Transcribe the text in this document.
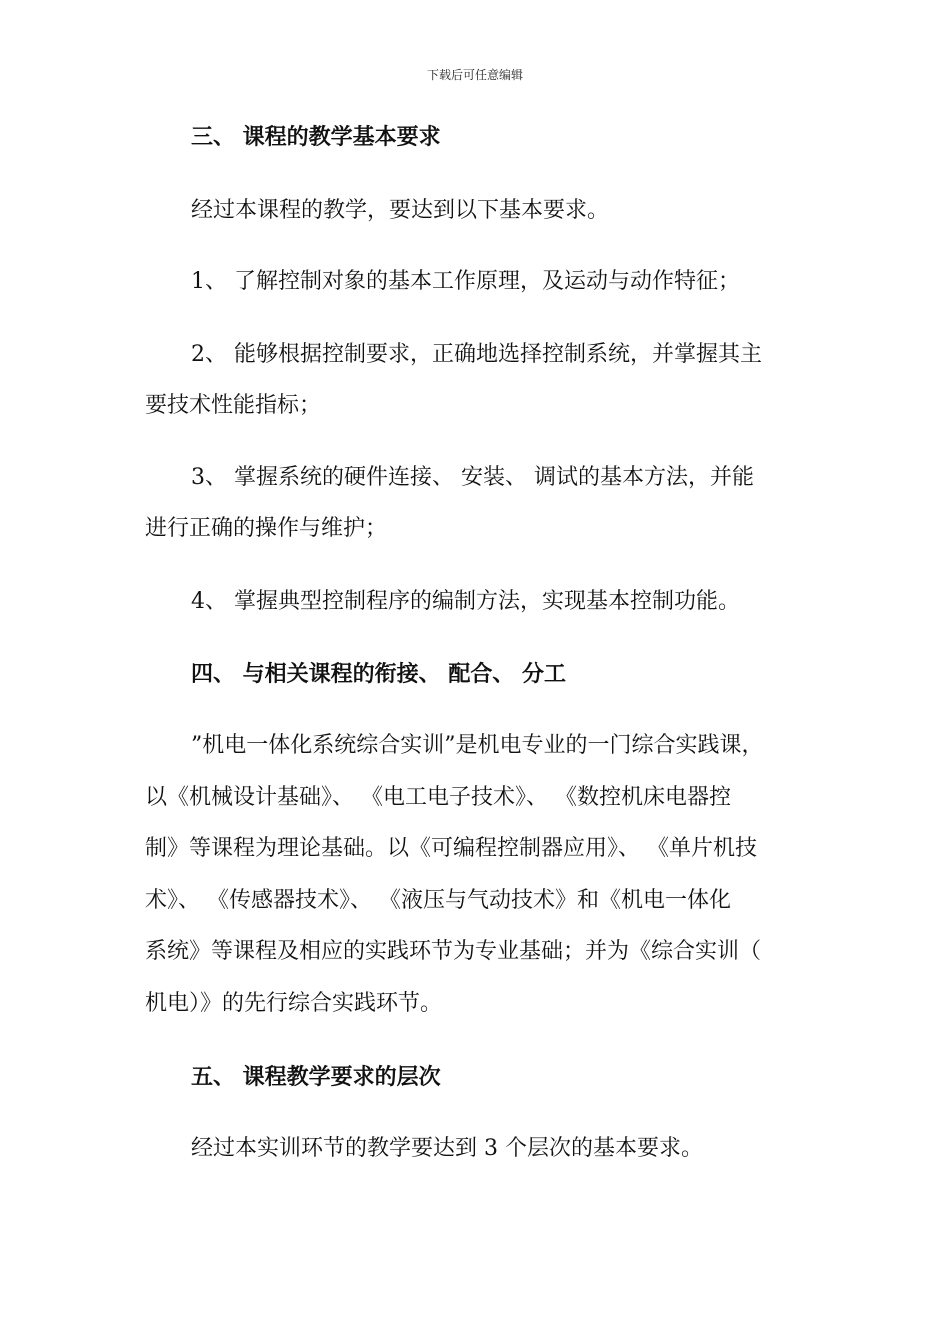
下载后可任意编辑
三、 课程的教学基本要求
经过本课程的教学，要达到以下基本要求。
1、 了解控制对象的基本工作原理，及运动与动作特征；
2、 能够根据控制要求，正确地选择控制系统，并掌握其主
要技术性能指标；
3、 掌握系统的硬件连接、 安装、 调试的基本方法，并能
进行正确的操作与维护；
4、 掌握典型控制程序的编制方法，实现基本控制功能。
四、 与相关课程的衔接、 配合、 分工
”机电一体化系统综合实训”是机电专业的一门综合实践课，
以《机械设计基础》、 《电工电子技术》、 《数控机床电器控
制》等课程为理论基础。以《可编程控制器应用》、 《单片机技
术》、 《传感器技术》、 《液压与气动技术》和《机电一体化
系统》等课程及相应的实践环节为专业基础；并为《综合实训（
机电）》的先行综合实践环节。
五、 课程教学要求的层次
经过本实训环节的教学要达到 3 个层次的基本要求。
